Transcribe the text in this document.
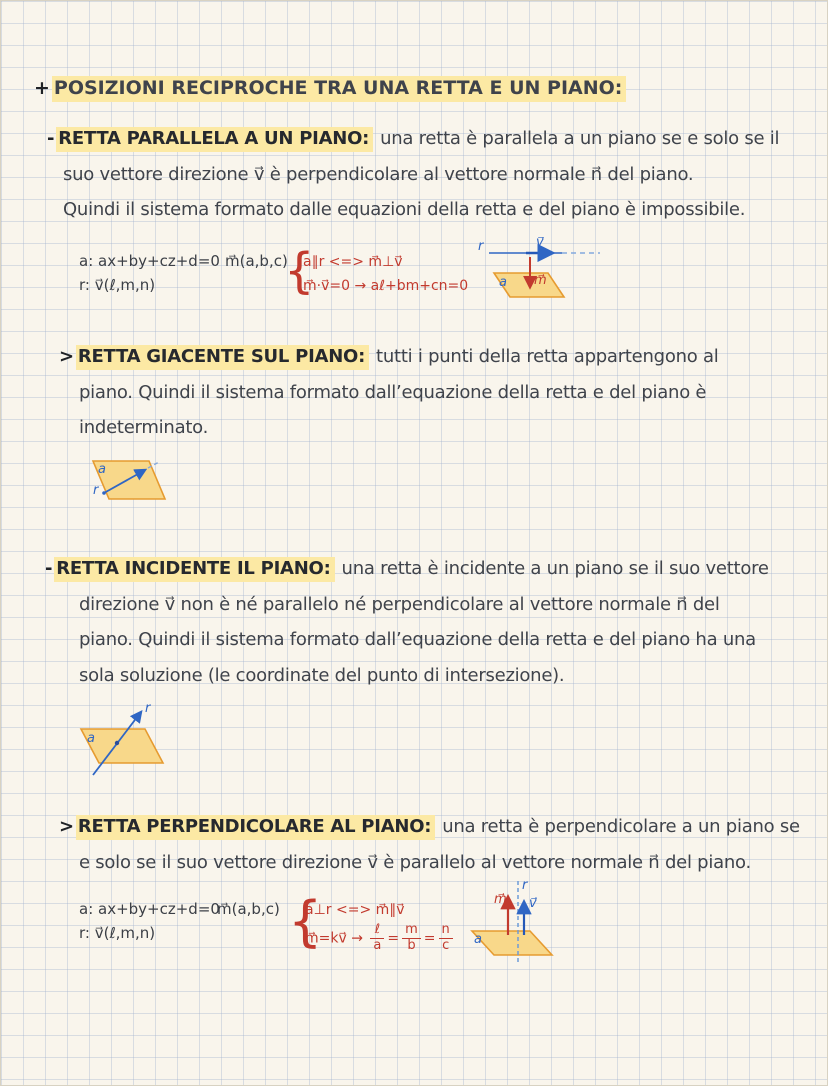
+ POSIZIONI RECIPROCHE TRA UNA RETTA E UN PIANO:
- RETTA PARALLELA A UN PIANO: una retta è parallela a un piano se e solo se il
suo vettore direzione v⃗ è perpendicolare al vettore normale n⃗ del piano.
Quindi il sistema formato dalle equazioni della retta e del piano è impossibile.
a: ax+by+cz+d=0
r: v⃗(ℓ,m,n)
m⃗(a,b,c)
{
a∥r <=> m⃗⊥v⃗
m⃗·v⃗=0 → aℓ+bm+cn=0
r	v⃗
a m⃗
> RETTA GIACENTE SUL PIANO: tutti i punti della retta appartengono al
piano. Quindi il sistema formato dall’equazione della retta e del piano è
indeterminato.
a
r
- RETTA INCIDENTE IL PIANO: una retta è incidente a un piano se il suo vettore
direzione v⃗ non è né parallelo né perpendicolare al vettore normale n⃗ del
piano. Quindi il sistema formato dall’equazione della retta e del piano ha una
sola soluzione (le coordinate del punto di intersezione).
a
r
> RETTA PERPENDICOLARE AL PIANO: una retta è perpendicolare a un piano se
e solo se il suo vettore direzione v⃗ è parallelo al vettore normale n⃗ del piano.
a: ax+by+cz+d=0
r: v⃗(ℓ,m,n)
m⃗(a,b,c) {
a⊥r <=> m⃗∥v⃗
m⃗=kv⃗ → $\frac{\text{ℓ}}{a} = \frac{m}{b} = \frac{n}{c}$
r
a
m⃗ v⃗
